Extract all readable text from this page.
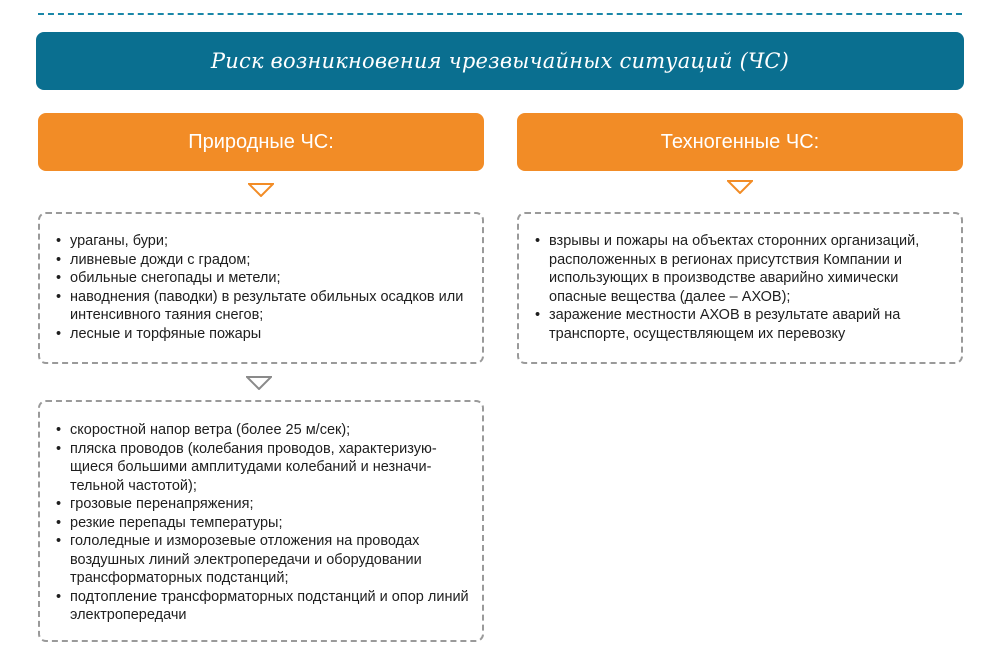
Риск возникновения чрезвычайных ситуаций (ЧС)
Природные ЧС:	Техногенные ЧС:
• ураганы, бури;
• ливневые дожди с градом;
• обильные снегопады и метели;
• наводнения (паводки) в результате обильных осадков или интенсивного таяния снегов;
• лесные и торфяные пожары
• взрывы и пожары на объектах сторонних организаций, расположенных в регионах присутствия Компании и использующих в производстве аварийно химически опасные вещества (далее – АХОВ);
• заражение местности АХОВ в результате аварий на транспорте, осуществляющем их перевозку
• скоростной напор ветра (более 25 м/сек);
• пляска проводов (колебания проводов, характеризую-щиеся большими амплитудами колебаний и незначи-тельной частотой);
• грозовые перенапряжения;
• резкие перепады температуры;
• гололедные и изморозевые отложения на проводах воздушных линий электропередачи и оборудовании трансформаторных подстанций;
• подтопление трансформаторных подстанций и опор линий электропередачи
